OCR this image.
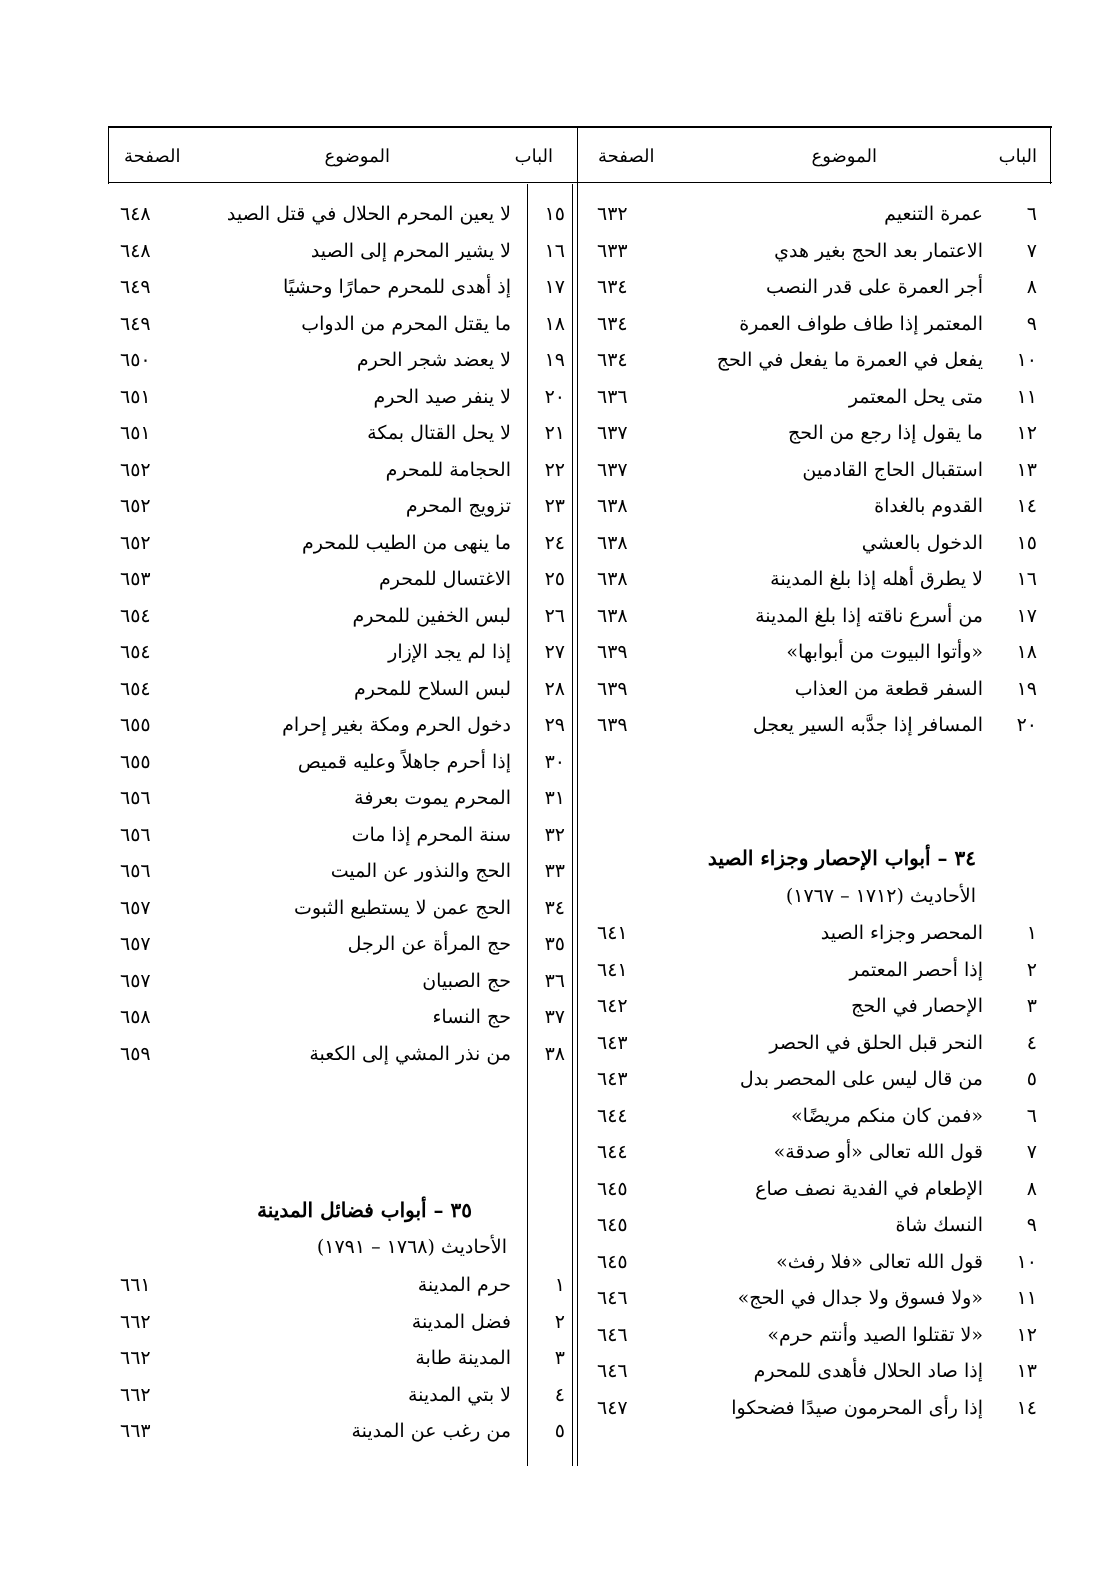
الباب
الموضوع
الصفحة
الباب
الموضوع
الصفحة
٣٤ – أبواب الإحصار وجزاء الصيد
الأحاديث (١٧١٢ – ١٧٦٧)
٣٥ – أبواب فضائل المدينة
الأحاديث (١٧٦٨ – ١٧٩١)
٦
عمرة التنعيم
٦٣٢
٧
الاعتمار بعد الحج بغير هدي
٦٣٣
٨
أجر العمرة على قدر النصب
٦٣٤
٩
المعتمر إذا طاف طواف العمرة
٦٣٤
١٠
يفعل في العمرة ما يفعل في الحج
٦٣٤
١١
متى يحل المعتمر
٦٣٦
١٢
ما يقول إذا رجع من الحج
٦٣٧
١٣
استقبال الحاج القادمين
٦٣٧
١٤
القدوم بالغداة
٦٣٨
١٥
الدخول بالعشي
٦٣٨
١٦
لا يطرق أهله إذا بلغ المدينة
٦٣٨
١٧
من أسرع ناقته إذا بلغ المدينة
٦٣٨
١٨
«وأتوا البيوت من أبوابها»
٦٣٩
١٩
السفر قطعة من العذاب
٦٣٩
٢٠
المسافر إذا جدَّبه السير يعجل
٦٣٩
١
المحصر وجزاء الصيد
٦٤١
٢
إذا أحصر المعتمر
٦٤١
٣
الإحصار في الحج
٦٤٢
٤
النحر قبل الحلق في الحصر
٦٤٣
٥
من قال ليس على المحصر بدل
٦٤٣
٦
«فمن كان منكم مريضًا»
٦٤٤
٧
قول الله تعالى «أو صدقة»
٦٤٤
٨
الإطعام في الفدية نصف صاع
٦٤٥
٩
النسك شاة
٦٤٥
١٠
قول الله تعالى «فلا رفث»
٦٤٥
١١
«ولا فسوق ولا جدال في الحج»
٦٤٦
١٢
«لا تقتلوا الصيد وأنتم حرم»
٦٤٦
١٣
إذا صاد الحلال فأهدى للمحرم
٦٤٦
١٤
إذا رأى المحرمون صيدًا فضحكوا
٦٤٧
١٥
لا يعين المحرم الحلال في قتل الصيد
٦٤٨
١٦
لا يشير المحرم إلى الصيد
٦٤٨
١٧
إذ أهدى للمحرم حمارًا وحشيًا
٦٤٩
١٨
ما يقتل المحرم من الدواب
٦٤٩
١٩
لا يعضد شجر الحرم
٦٥٠
٢٠
لا ينفر صيد الحرم
٦٥١
٢١
لا يحل القتال بمكة
٦٥١
٢٢
الحجامة للمحرم
٦٥٢
٢٣
تزويج المحرم
٦٥٢
٢٤
ما ينهى من الطيب للمحرم
٦٥٢
٢٥
الاغتسال للمحرم
٦٥٣
٢٦
لبس الخفين للمحرم
٦٥٤
٢٧
إذا لم يجد الإزار
٦٥٤
٢٨
لبس السلاح للمحرم
٦٥٤
٢٩
دخول الحرم ومكة بغير إحرام
٦٥٥
٣٠
إذا أحرم جاهلاً وعليه قميص
٦٥٥
٣١
المحرم يموت بعرفة
٦٥٦
٣٢
سنة المحرم إذا مات
٦٥٦
٣٣
الحج والنذور عن الميت
٦٥٦
٣٤
الحج عمن لا يستطيع الثبوت
٦٥٧
٣٥
حج المرأة عن الرجل
٦٥٧
٣٦
حج الصبيان
٦٥٧
٣٧
حج النساء
٦٥٨
٣٨
من نذر المشي إلى الكعبة
٦٥٩
١
حرم المدينة
٦٦١
٢
فضل المدينة
٦٦٢
٣
المدينة طابة
٦٦٢
٤
لا بتي المدينة
٦٦٢
٥
من رغب عن المدينة
٦٦٣
